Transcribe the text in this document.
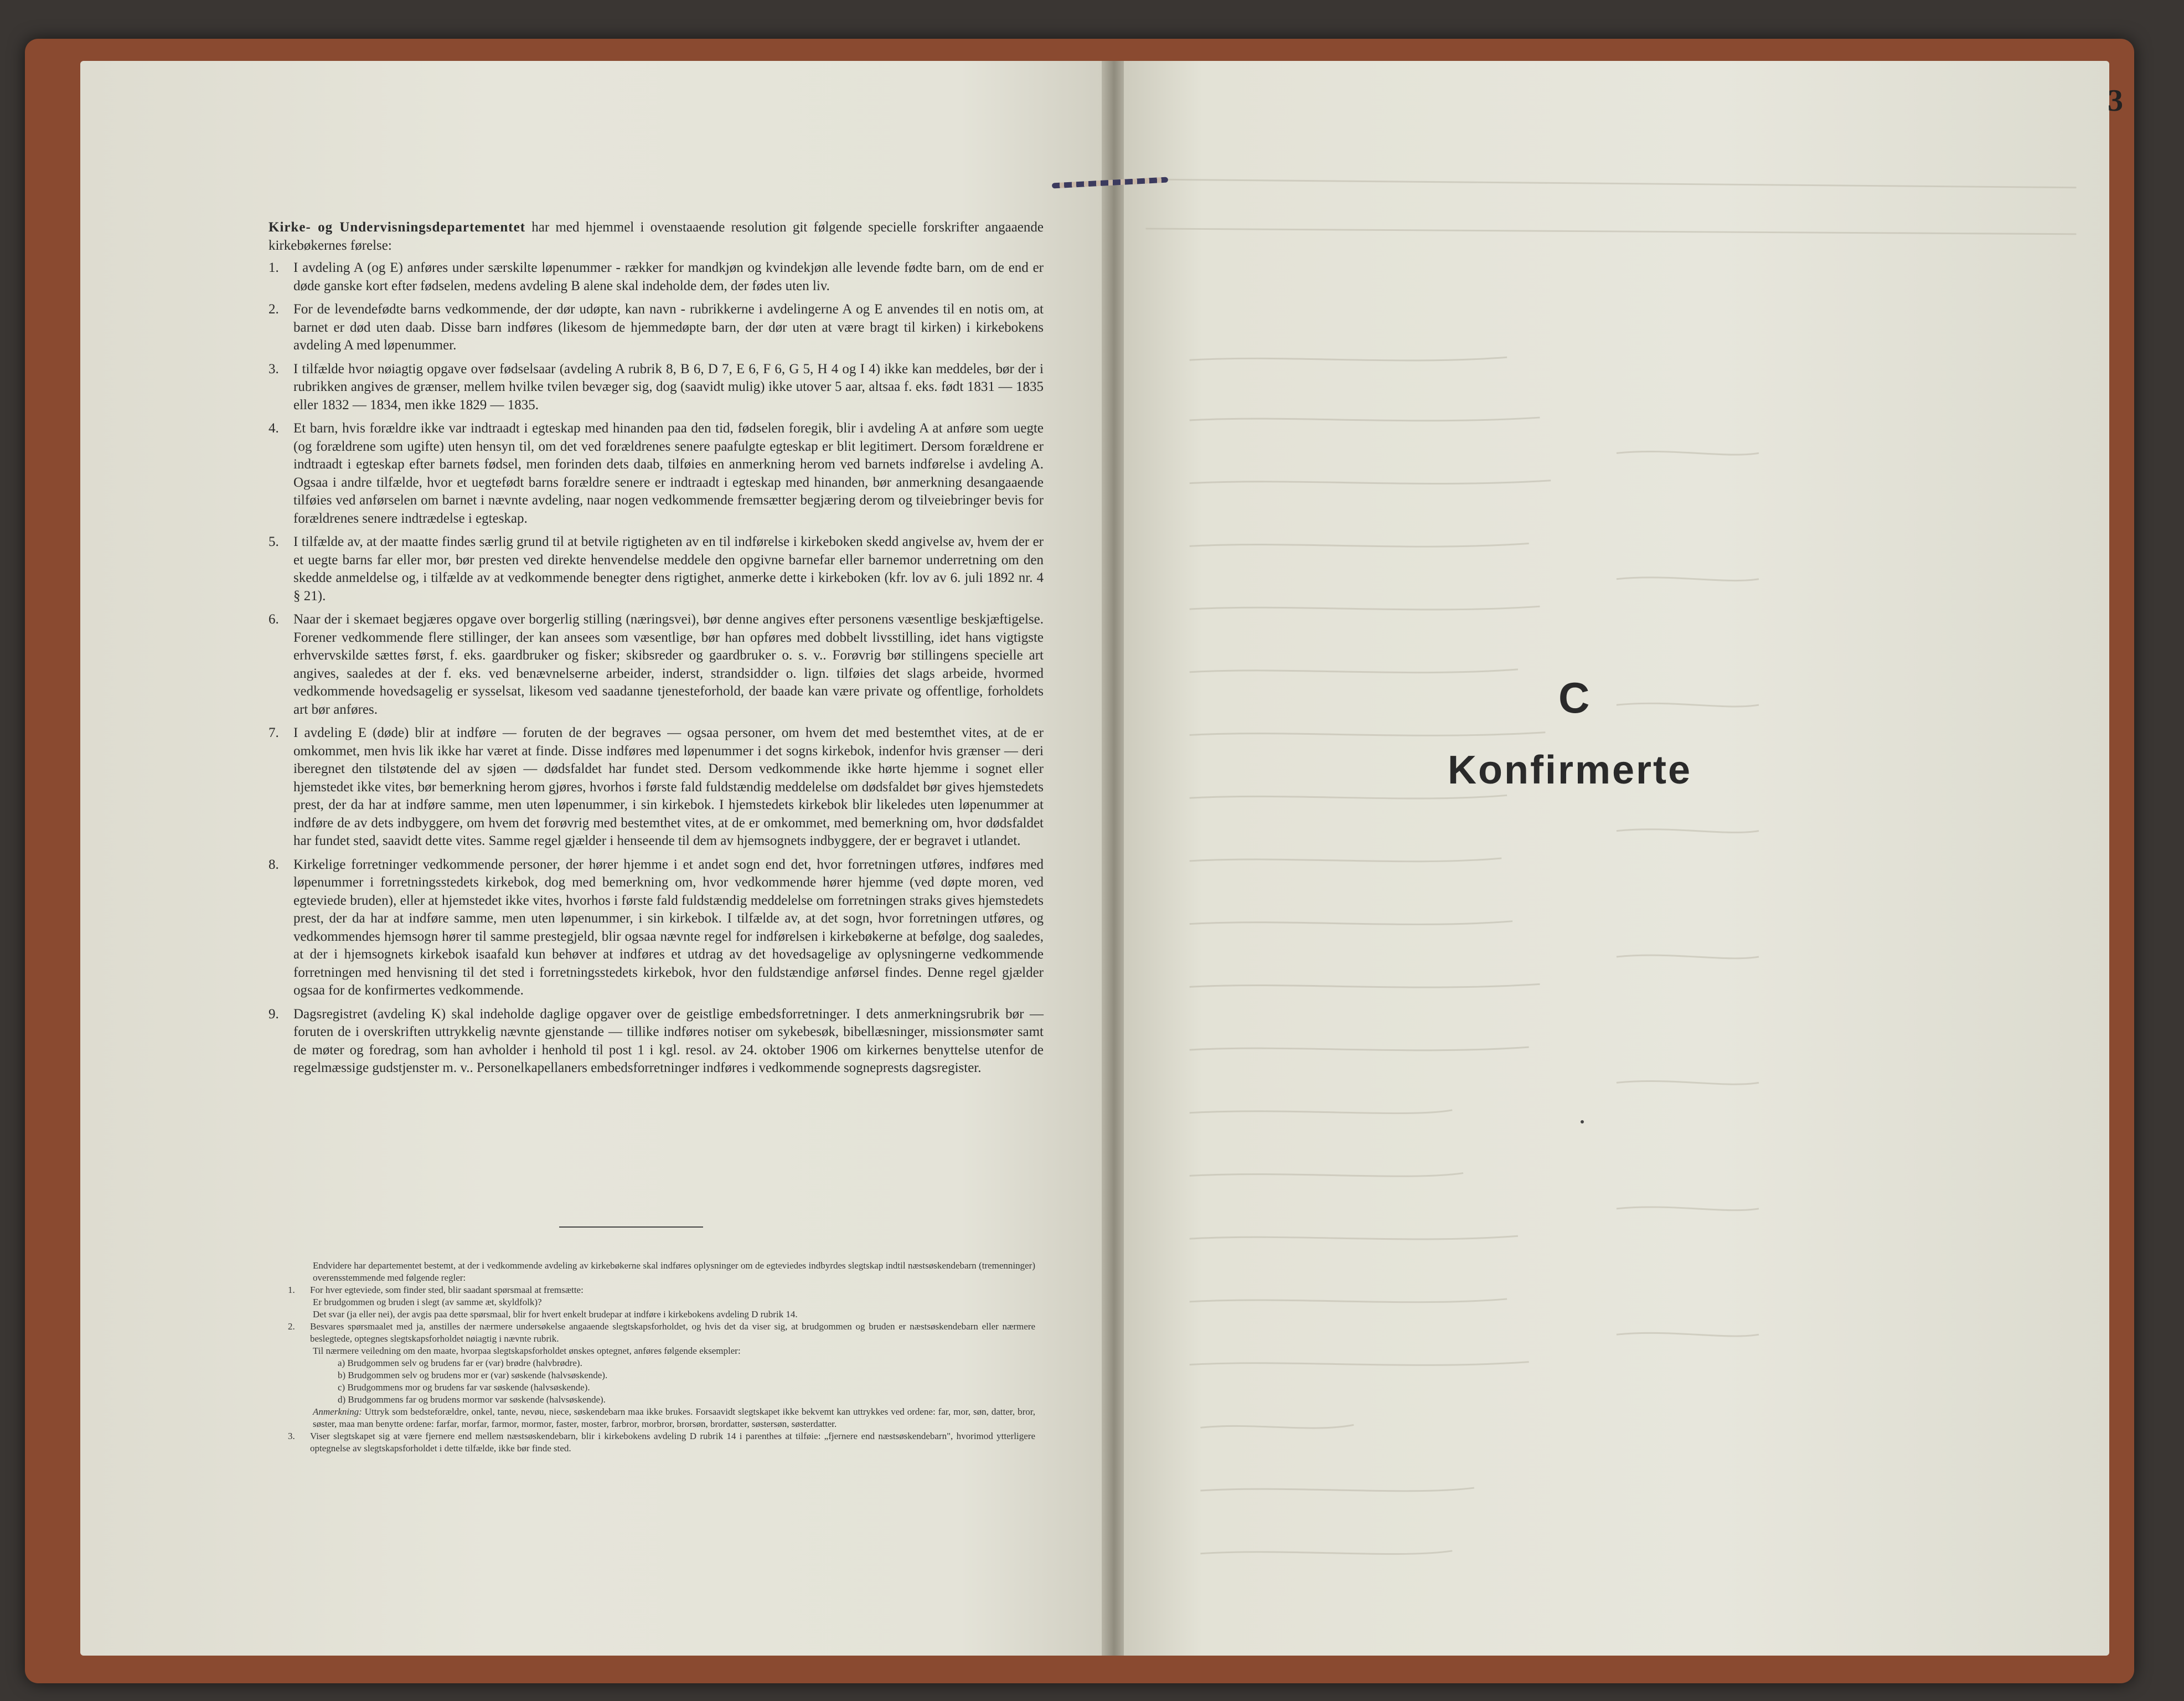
3

Kirke- og Undervisningsdepartementet har med hjemmel i ovenstaaende resolution git følgende specielle forskrifter angaaende kirkebøkernes førelse:

1.	I avdeling A (og E) anføres under særskilte løpenummer - rækker for mandkjøn og kvindekjøn alle levende fødte barn, om de end er døde ganske kort efter fødselen, medens avdeling B alene skal indeholde dem, der fødes uten liv.
2.	For de levendefødte barns vedkommende, der dør udøpte, kan navn - rubrikkerne i avdelingerne A og E anvendes til en notis om, at barnet er død uten daab. Disse barn indføres (likesom de hjemmedøpte barn, der dør uten at være bragt til kirken) i kirkebokens avdeling A med løpenummer.
3.	I tilfælde hvor nøiagtig opgave over fødselsaar (avdeling A rubrik 8, B 6, D 7, E 6, F 6, G 5, H 4 og I 4) ikke kan meddeles, bør der i rubrikken angives de grænser, mellem hvilke tvilen bevæger sig, dog (saavidt mulig) ikke utover 5 aar, altsaa f. eks. født 1831 — 1835 eller 1832 — 1834, men ikke 1829 — 1835.
4.	Et barn, hvis forældre ikke var indtraadt i egteskap med hinanden paa den tid, fødselen foregik, blir i avdeling A at anføre som uegte (og forældrene som ugifte) uten hensyn til, om det ved forældrenes senere paafulgte egteskap er blit legitimert. Dersom forældrene er indtraadt i egteskap efter barnets fødsel, men forinden dets daab, tilføies en anmerkning herom ved barnets indførelse i avdeling A. Ogsaa i andre tilfælde, hvor et uegtefødt barns forældre senere er indtraadt i egteskap med hinanden, bør anmerkning desangaaende tilføies ved anførselen om barnet i nævnte avdeling, naar nogen vedkommende fremsætter begjæring derom og tilveiebringer bevis for forældrenes senere indtrædelse i egteskap.
5.	I tilfælde av, at der maatte findes særlig grund til at betvile rigtigheten av en til indførelse i kirkeboken skedd angivelse av, hvem der er et uegte barns far eller mor, bør presten ved direkte henvendelse meddele den opgivne barnefar eller barnemor underretning om den skedde anmeldelse og, i tilfælde av at vedkommende benegter dens rigtighet, anmerke dette i kirkeboken (kfr. lov av 6. juli 1892 nr. 4 § 21).
6.	Naar der i skemaet begjæres opgave over borgerlig stilling (næringsvei), bør denne angives efter personens væsentlige beskjæftigelse. Forener vedkommende flere stillinger, der kan ansees som væsentlige, bør han opføres med dobbelt livsstilling, idet hans vigtigste erhvervskilde sættes først, f. eks. gaardbruker og fisker; skibsreder og gaardbruker o. s. v.. Forøvrig bør stillingens specielle art angives, saaledes at der f. eks. ved benævnelserne arbeider, inderst, strandsidder o. lign. tilføies det slags arbeide, hvormed vedkommende hovedsagelig er sysselsat, likesom ved saadanne tjenesteforhold, der baade kan være private og offentlige, forholdets art bør anføres.
7.	I avdeling E (døde) blir at indføre — foruten de der begraves — ogsaa personer, om hvem det med bestemthet vites, at de er omkommet, men hvis lik ikke har været at finde. Disse indføres med løpenummer i det sogns kirkebok, indenfor hvis grænser — deri iberegnet den tilstøtende del av sjøen — dødsfaldet har fundet sted. Dersom vedkommende ikke hørte hjemme i sognet eller hjemstedet ikke vites, bør bemerkning herom gjøres, hvorhos i første fald fuldstændig meddelelse om dødsfaldet bør gives hjemstedets prest, der da har at indføre samme, men uten løpenummer, i sin kirkebok. I hjemstedets kirkebok blir likeledes uten løpenummer at indføre de av dets indbyggere, om hvem det forøvrig med bestemthet vites, at de er omkommet, med bemerkning om, hvor dødsfaldet har fundet sted, saavidt dette vites. Samme regel gjælder i henseende til dem av hjemsognets indbyggere, der er begravet i utlandet.
8.	Kirkelige forretninger vedkommende personer, der hører hjemme i et andet sogn end det, hvor forretningen utføres, indføres med løpenummer i forretningsstedets kirkebok, dog med bemerkning om, hvor vedkommende hører hjemme (ved døpte moren, ved egteviede bruden), eller at hjemstedet ikke vites, hvorhos i første fald fuldstændig meddelelse om forretningen straks gives hjemstedets prest, der da har at indføre samme, men uten løpenummer, i sin kirkebok. I tilfælde av, at det sogn, hvor forretningen utføres, og vedkommendes hjemsogn hører til samme prestegjeld, blir ogsaa nævnte regel for indførelsen i kirkebøkerne at befølge, dog saaledes, at der i hjemsognets kirkebok isaafald kun behøver at indføres et utdrag av det hovedsagelige av oplysningerne vedkommende forretningen med henvisning til det sted i forretningsstedets kirkebok, hvor den fuldstændige anførsel findes. Denne regel gjælder ogsaa for de konfirmertes vedkommende.
9.	Dagsregistret (avdeling K) skal indeholde daglige opgaver over de geistlige embedsforretninger. I dets anmerkningsrubrik bør — foruten de i overskriften uttrykkelig nævnte gjenstande — tillike indføres notiser om sykebesøk, bibellæsninger, missionsmøter samt de møter og foredrag, som han avholder i henhold til post 1 i kgl. resol. av 24. oktober 1906 om kirkernes benyttelse utenfor de regelmæssige gudstjenster m. v.. Personelkapellaners embedsforretninger indføres i vedkommende sogneprests dagsregister.

Endvidere har departementet bestemt, at der i vedkommende avdeling av kirkebøkerne skal indføres oplysninger om de egteviedes indbyrdes slegtskap indtil næstsøskendebarn (tremenninger) overensstemmende med følgende regler:

1.	For hver egteviede, som finder sted, blir saadant spørsmaal at fremsætte:

Er brudgommen og bruden i slegt (av samme æt, skyldfolk)?

Det svar (ja eller nei), der avgis paa dette spørsmaal, blir for hvert enkelt brudepar at indføre i kirkebokens avdeling D rubrik 14.

2.	Besvares spørsmaalet med ja, anstilles der nærmere undersøkelse angaaende slegtskapsforholdet, og hvis det da viser sig, at brudgommen og bruden er næstsøskendebarn eller nærmere beslegtede, optegnes slegtskapsforholdet nøiagtig i nævnte rubrik.

Til nærmere veiledning om den maate, hvorpaa slegtskapsforholdet ønskes optegnet, anføres følgende eksempler:

a) Brudgommen selv og brudens far er (var) brødre (halvbrødre).

b) Brudgommen selv og brudens mor er (var) søskende (halvsøskende).

c) Brudgommens mor og brudens far var søskende (halvsøskende).

d) Brudgommens far og brudens mormor var søskende (halvsøskende).

Anmerkning: Uttryk som bedsteforældre, onkel, tante, nevøu, niece, søskendebarn maa ikke brukes. Forsaavidt slegtskapet ikke bekvemt kan uttrykkes ved ordene: far, mor, søn, datter, bror, søster, maa man benytte ordene: farfar, morfar, farmor, mormor, faster, moster, farbror, morbror, brorsøn, brordatter, søstersøn, søsterdatter.

3.	Viser slegtskapet sig at være fjernere end mellem næstsøskendebarn, blir i kirkebokens avdeling D rubrik 14 i parenthes at tilføie: „fjernere end næstsøskendebarn", hvorimod ytterligere optegnelse av slegtskapsforholdet i dette tilfælde, ikke bør finde sted.
C
Konfirmerte
